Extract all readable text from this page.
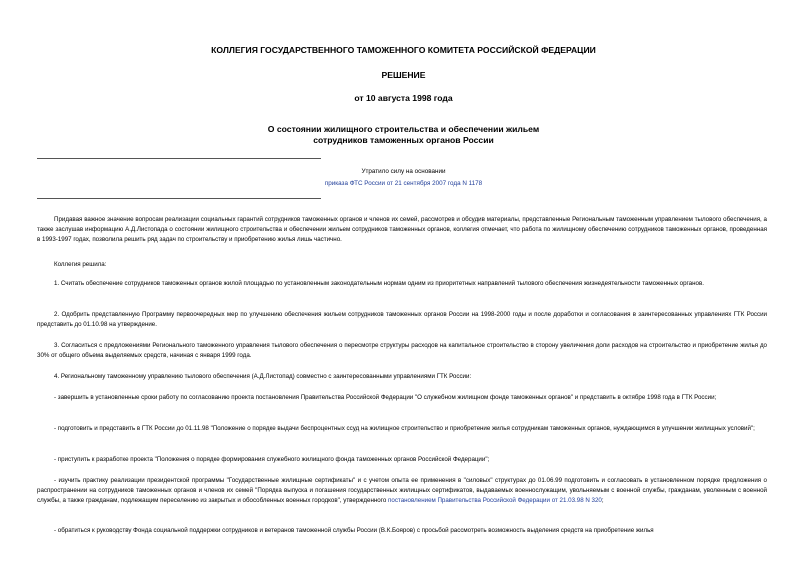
КОЛЛЕГИЯ ГОСУДАРСТВЕННОГО ТАМОЖЕННОГО КОМИТЕТА РОССИЙСКОЙ ФЕДЕРАЦИИ
РЕШЕНИЕ
от 10 августа 1998 года
О состоянии жилищного строительства и обеспечении жильем
сотрудников таможенных органов России
Утратило силу на основании
приказа ФТС России от 21 сентября 2007 года N 1178
Придавая важное значение вопросам реализации социальных гарантий сотрудников таможенных органов и членов их семей, рассмотрев и обсудив материалы, представленные Региональным таможенным управлением тылового обеспечения, а также заслушав информацию А.Д.Листопада о состоянии жилищного строительства и обеспечении жильем сотрудников таможенных органов, коллегия отмечает, что работа по жилищному обеспечению сотрудников таможенных органов, проведенная в 1993-1997 годах, позволила решить ряд задач по строительству и приобретению жилья лишь частично.
Коллегия решила:
1. Считать обеспечение сотрудников таможенных органов жилой площадью по установленным законодательным нормам одним из приоритетных направлений тылового обеспечения жизнедеятельности таможенных органов.
2. Одобрить представленную Программу первоочередных мер по улучшению обеспечения жильем сотрудников таможенных органов России на 1998-2000 годы и после доработки и согласования в заинтересованных управлениях ГТК России представить до 01.10.98 на утверждение.
3. Согласиться с предложениями Регионального таможенного управления тылового обеспечения о пересмотре структуры расходов на капитальное строительство в сторону увеличения доли расходов на строительство и приобретение жилья до 30% от общего объема выделяемых средств, начиная с января 1999 года.
4. Региональному таможенному управлению тылового обеспечения (А.Д.Листопад) совместно с заинтересованными управлениями ГТК России:
- завершить в установленные сроки работу по согласованию проекта постановления Правительства Российской Федерации "О служебном жилищном фонде таможенных органов" и представить в октябре 1998 года в ГТК России;
- подготовить и представить в ГТК России до 01.11.98 "Положение о порядке выдачи беспроцентных ссуд на жилищное строительство и приобретение жилья сотрудникам таможенных органов, нуждающимся в улучшении жилищных условий";
- приступить к разработке проекта "Положения о порядке формирования служебного жилищного фонда таможенных органов Российской Федерации";
- изучить практику реализации президентской программы "Государственные жилищные сертификаты" и с учетом опыта ее применения в "силовых" структурах до 01.06.99 подготовить и согласовать в установленном порядке предложения о распространении на сотрудников таможенных органов и членов их семей "Порядка выпуска и погашения государственных жилищных сертификатов, выдаваемых военнослужащим, увольняемым с военной службы, гражданам, уволенным с военной службы, а также гражданам, подлежащим переселению из закрытых и обособленных военных городков", утвержденного постановлением Правительства Российской Федерации от 21.03.98 N 320;
- обратиться к руководству Фонда социальной поддержки сотрудников и ветеранов таможенной службы России (В.К.Бояров) с просьбой рассмотреть возможность выделения средств на приобретение жилья
